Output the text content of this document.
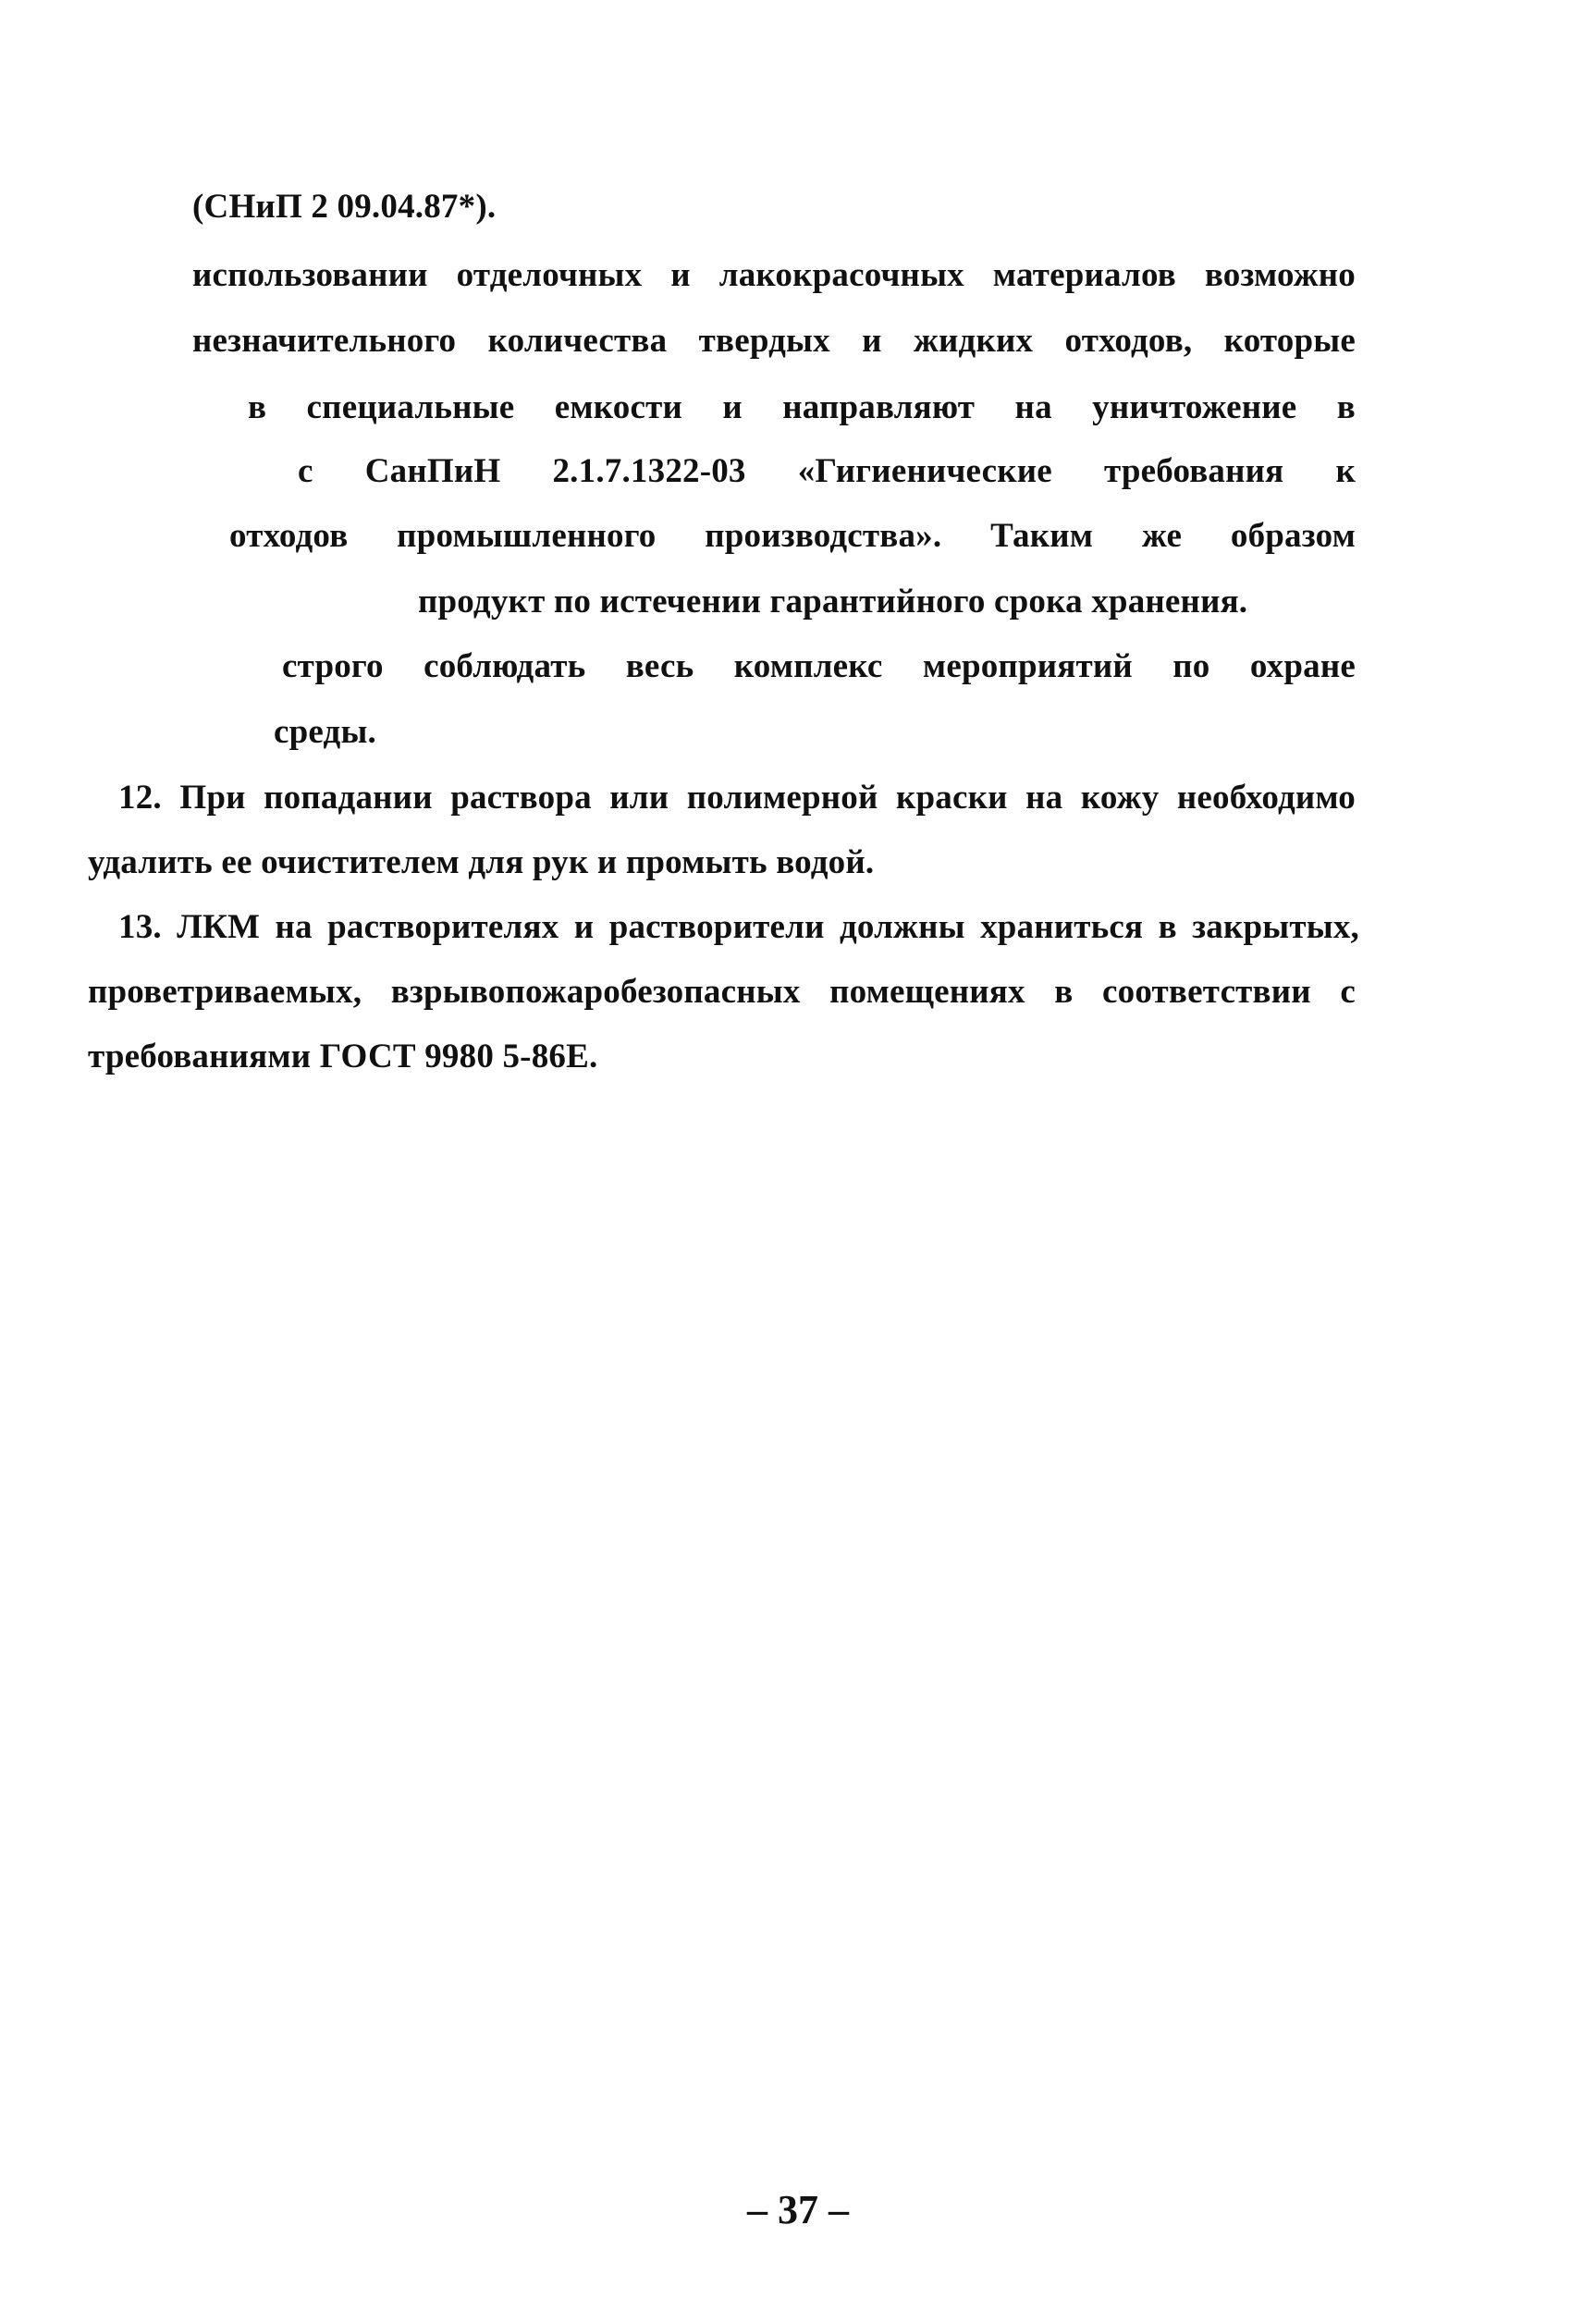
(СНиП 2 09.04.87*).
использовании отделочных и лакокрасочных материалов возможно
незначительного количества твердых и жидких отходов, которые
в специальные емкости и направляют на уничтожение в
с СанПиН 2.1.7.1322-03 «Гигиенические требования к
отходов промышленного производства». Таким же образом
продукт по истечении гарантийного срока хранения.
строго соблюдать весь комплекс мероприятий по охране
среды.
12. При попадании раствора или полимерной краски на кожу необходимо
удалить ее очистителем для рук и промыть водой.
13. ЛКМ на растворителях и растворители должны храниться в закрытых,
проветриваемых, взрывопожаробезопасных помещениях в соответствии с
требованиями ГОСТ 9980 5-86Е.
– 37 –
